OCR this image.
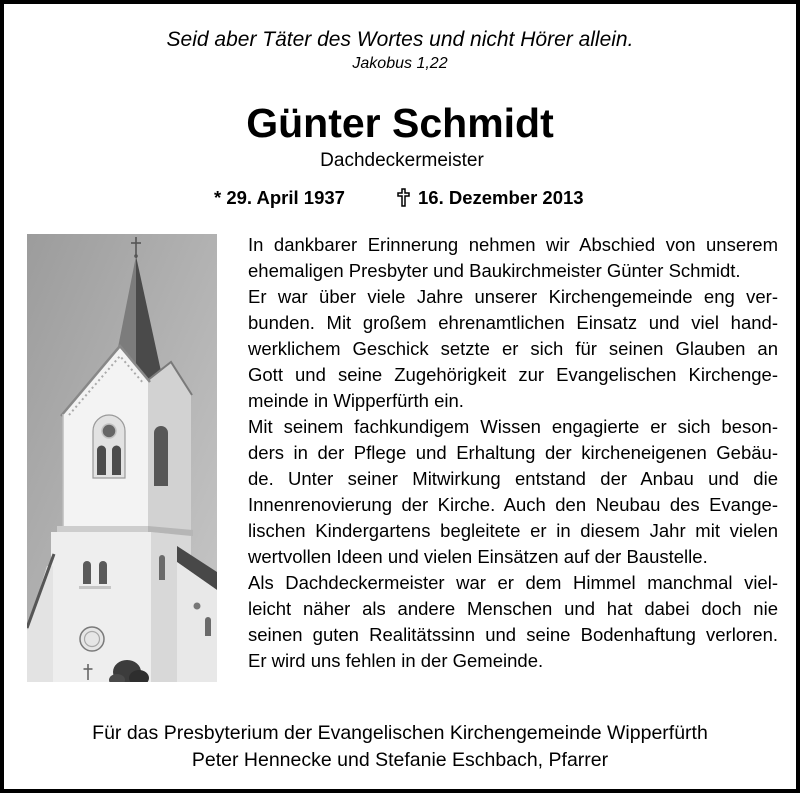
Seid aber Täter des Wortes und nicht Hörer allein.
Jakobus 1,22
Günter Schmidt
Dachdeckermeister
* 29. April 1937	16. Dezember 2013
In dankbarer Erinnerung nehmen wir Abschied von unserem
ehemaligen Presbyter und Baukirchmeister Günter Schmidt.
Er war über viele Jahre unserer Kirchengemeinde eng ver-
bunden. Mit großem ehrenamtlichen Einsatz und viel hand-
werklichem Geschick setzte er sich für seinen Glauben an
Gott und seine Zugehörigkeit zur Evangelischen Kirchenge-
meinde in Wipperfürth ein.
Mit seinem fachkundigem Wissen engagierte er sich beson-
ders in der Pflege und Erhaltung der kircheneigenen Gebäu-
de. Unter seiner Mitwirkung entstand der Anbau und die
Innenrenovierung der Kirche. Auch den Neubau des Evange-
lischen Kindergartens begleitete er in diesem Jahr mit vielen
wertvollen Ideen und vielen Einsätzen auf der Baustelle.
Als Dachdeckermeister war er dem Himmel manchmal viel-
leicht näher als andere Menschen und hat dabei doch nie
seinen guten Realitätssinn und seine Bodenhaftung verloren.
Er wird uns fehlen in der Gemeinde.
Für das Presbyterium der Evangelischen Kirchengemeinde Wipperfürth
Peter Hennecke und Stefanie Eschbach, Pfarrer
